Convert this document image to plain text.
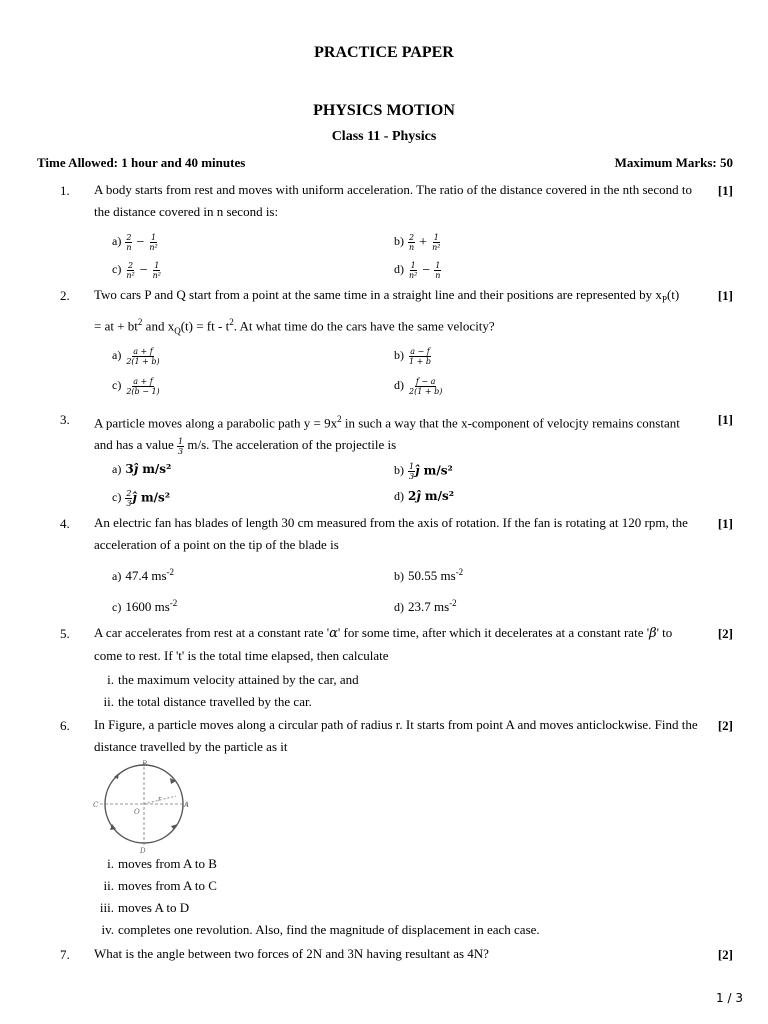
PRACTICE PAPER
PHYSICS MOTION
Class 11 - Physics
Time Allowed: 1 hour and 40 minutes	Maximum Marks: 50
1.	A body starts from rest and moves with uniform acceleration. The ratio of the distance covered in the nth second to the distance covered in n second is:
[1]
$a) \frac{2}{n} - \frac{1}{\text{n²}}$	$b) \frac{2}{n} + \frac{1}{\text{n²}}$
$c) \frac{2}{\text{n²}} - \frac{1}{\text{n²}}$	$d) \frac{1}{\text{n²}} - \frac{1}{n}$
2.	Two cars P and Q start from a point at the same time in a straight line and their positions are represented by $x_P(t)$
= at + $bt^2$ and $x_Q(t)$ = ft - $t^2$. At what time do the cars have the same velocity?
[1]
$a) \frac{a + f}{2(1 + b)}$	$b) \frac{a - f}{1 + b}$
$c) \frac{a + f}{2(b - 1)}$	$d) \frac{f - a}{2(1 + b)}$
3.	A particle moves along a parabolic path $y = 9x^2$ in such a way that the x-component of velocjty remains constant
and has a value $\frac{1}{3} m/s$. The acceleration of the projectile is
[1]
a) 3ĵ m/s²	$b) \frac{1}{3}$ ĵ m/s²
$c) \frac{2}{3}$ ĵ m/s²	d) 2ĵ m/s²
4.	An electric fan has blades of length 30 cm measured from the axis of rotation. If the fan is rotating at 120 rpm, the acceleration of a point on the tip of the blade is
[1]
a) 47.4 $ms^{-2}$	b) 50.55 $ms^{-2}$
c) 1600 $ms^{-2}$	d) 23.7 $ms^{-2}$
5.	A car accelerates from rest at a constant rate 'α' for some time, after which it decelerates at a constant rate 'β' to
come to rest. If 't' is the total time elapsed, then calculate
[2]
i. the maximum velocity attained by the car, and
ii. the total distance travelled by the car.
6.	In Figure, a particle moves along a circular path of radius r. It starts from point A and moves anticlockwise. Find the distance travelled by the particle as it
[2]
B
C	A
D
O
r
i. moves from A to B
ii. moves from A to C
iii. moves A to D
iv. completes one revolution. Also, find the magnitude of displacement in each case.
7.	What is the angle between two forces of 2N and 3N having resultant as 4N?	[2]
1 / 3
